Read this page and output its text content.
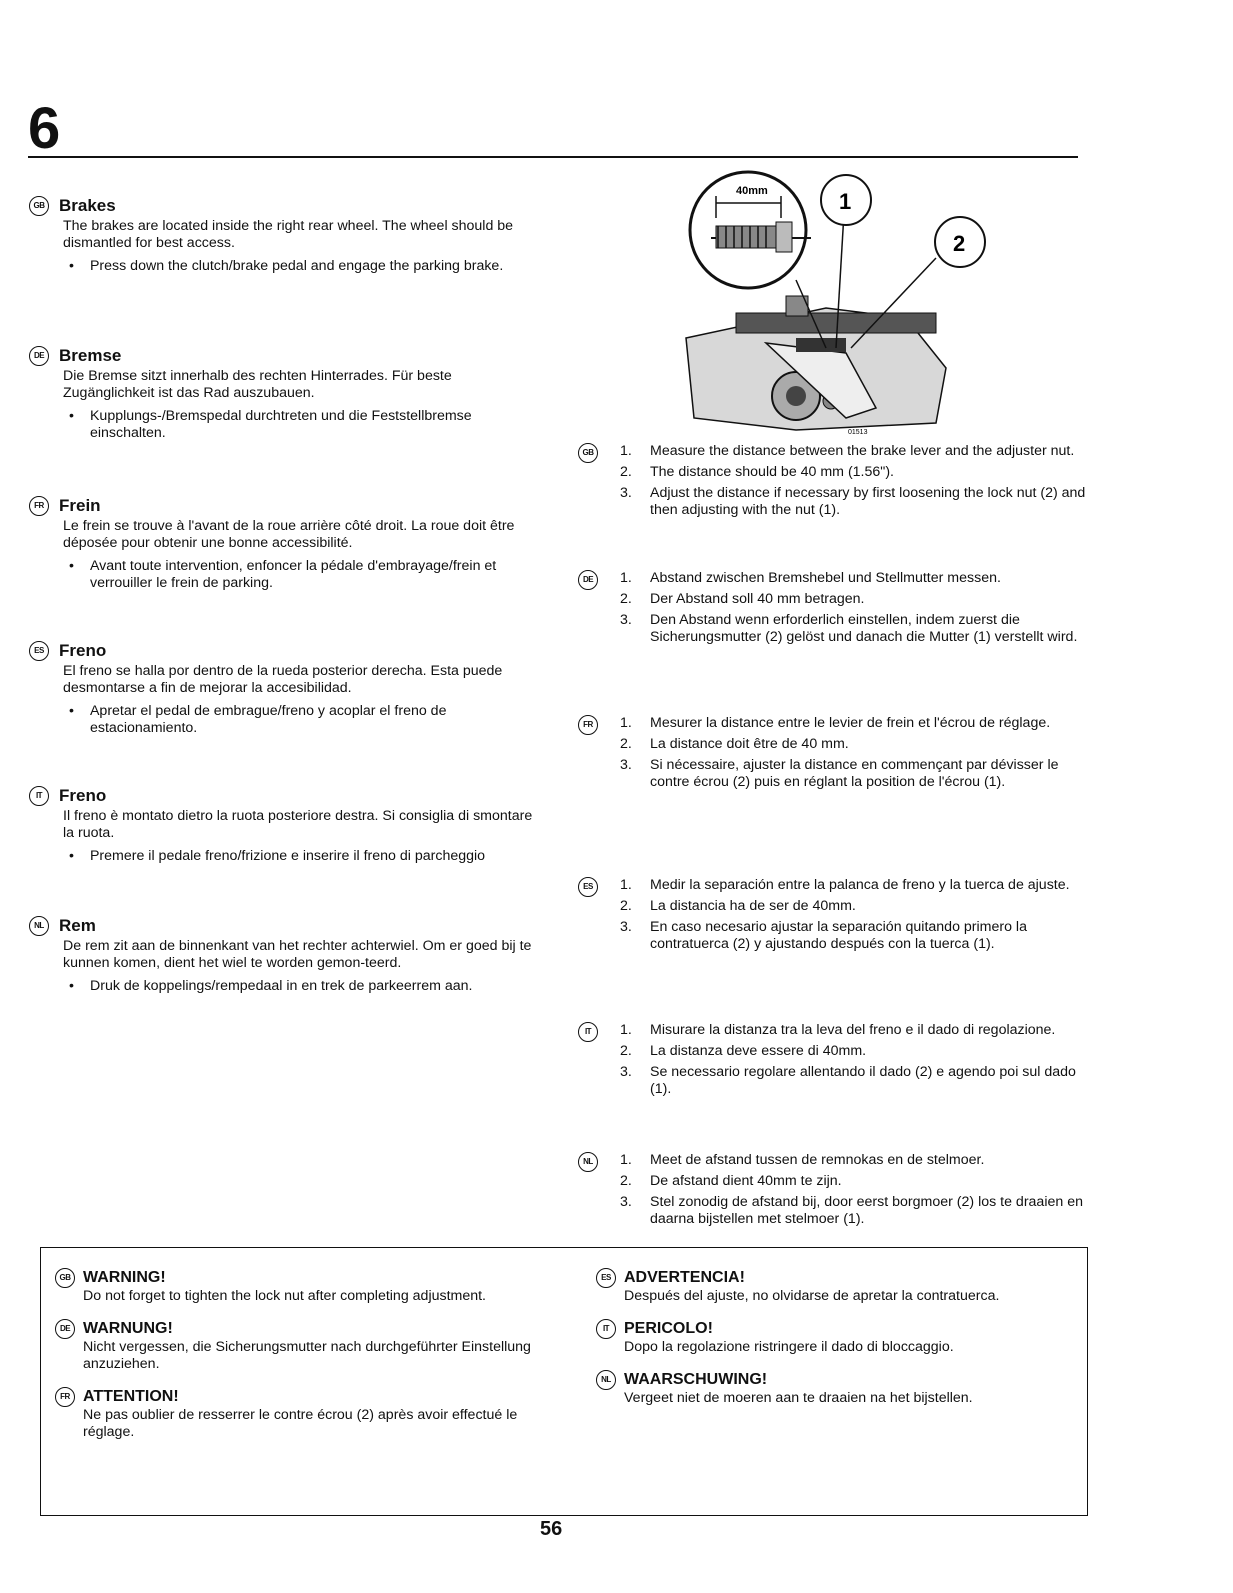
6
GB Brakes

The brakes are located inside the right rear wheel. The wheel should be dismantled for best access.

• Press down the clutch/brake pedal and engage the parking brake.
DE Bremse

Die Bremse sitzt innerhalb des rechten Hinterrades. Für beste Zugänglichkeit ist das Rad auszubauen.

• Kupplungs-/Bremspedal durchtreten und die Feststellbremse einschalten.
FR Frein

Le frein se trouve à l'avant de la roue arrière côté droit. La roue doit être déposée pour obtenir une bonne accessibilité.

• Avant toute intervention, enfoncer la pédale d'embrayage/frein et verrouiller le frein de parking.
ES Freno

El freno se halla por dentro de la rueda posterior derecha. Esta puede desmontarse a fin de mejorar la accesibilidad.

• Apretar el pedal de embrague/freno y acoplar el freno de estacionamiento.
IT Freno

Il freno è montato dietro la ruota posteriore destra. Si consiglia di smontare la ruota.

• Premere il pedale freno/frizione e inserire il freno di parcheggio
NL Rem

De rem zit aan de binnenkant van het rechter achterwiel. Om er goed bij te kunnen komen, dient het wiel te worden gemon-teerd.

• Druk de koppelings/rempedaal in en trek de parkeerrem aan.
40mm	1
2
01513
GB	1.	Measure the distance between the brake lever and the adjuster nut.
2.	The distance should be 40 mm (1.56").
3.	Adjust the distance if necessary by first loosening the lock nut (2) and then adjusting with the nut (1).
DE	1.	Abstand zwischen Bremshebel und Stellmutter messen.
2.	Der Abstand soll 40 mm betragen.
3.	Den Abstand wenn erforderlich einstellen, indem zuerst die Sicherungsmutter (2) gelöst und danach die Mutter (1) verstellt wird.
FR	1.	Mesurer la distance entre le levier de frein et l'écrou de réglage.
2.	La distance doit être de 40 mm.
3.	Si nécessaire, ajuster la distance en commençant par dévisser le contre écrou (2) puis en réglant la position de l'écrou (1).
ES	1.	Medir la separación entre la palanca de freno y la tuerca de ajuste.
2.	La distancia ha de ser de 40mm.
3.	En caso necesario ajustar la separación quitando primero la contratuerca (2) y ajustando después con la tuerca (1).
IT	1.	Misurare la distanza tra la leva del freno e il dado di regolazione.
2.	La distanza deve essere di 40mm.
3.	Se necessario regolare allentando il dado (2) e agendo poi sul dado (1).
NL	1.	Meet de afstand tussen de remnokas en de stelmoer.
2.	De afstand dient 40mm te zijn.
3.	Stel zonodig de afstand bij, door eerst borgmoer (2) los te draaien en daarna bijstellen met stelmoer (1).
GB WARNING!
Do not forget to tighten the lock nut after completing adjustment.
DE WARNUNG!
Nicht vergessen, die Sicherungsmutter nach durchgeführter Einstellung anzuziehen.
FR ATTENTION!
Ne pas oublier de resserrer le contre écrou (2) après avoir effectué le réglage.
ES ADVERTENCIA!
Después del ajuste, no olvidarse de apretar la contratuerca.
IT PERICOLO!
Dopo la regolazione ristringere il dado di bloccaggio.
NL WAARSCHUWING!
Vergeet niet de moeren aan te draaien na het bijstellen.
56
